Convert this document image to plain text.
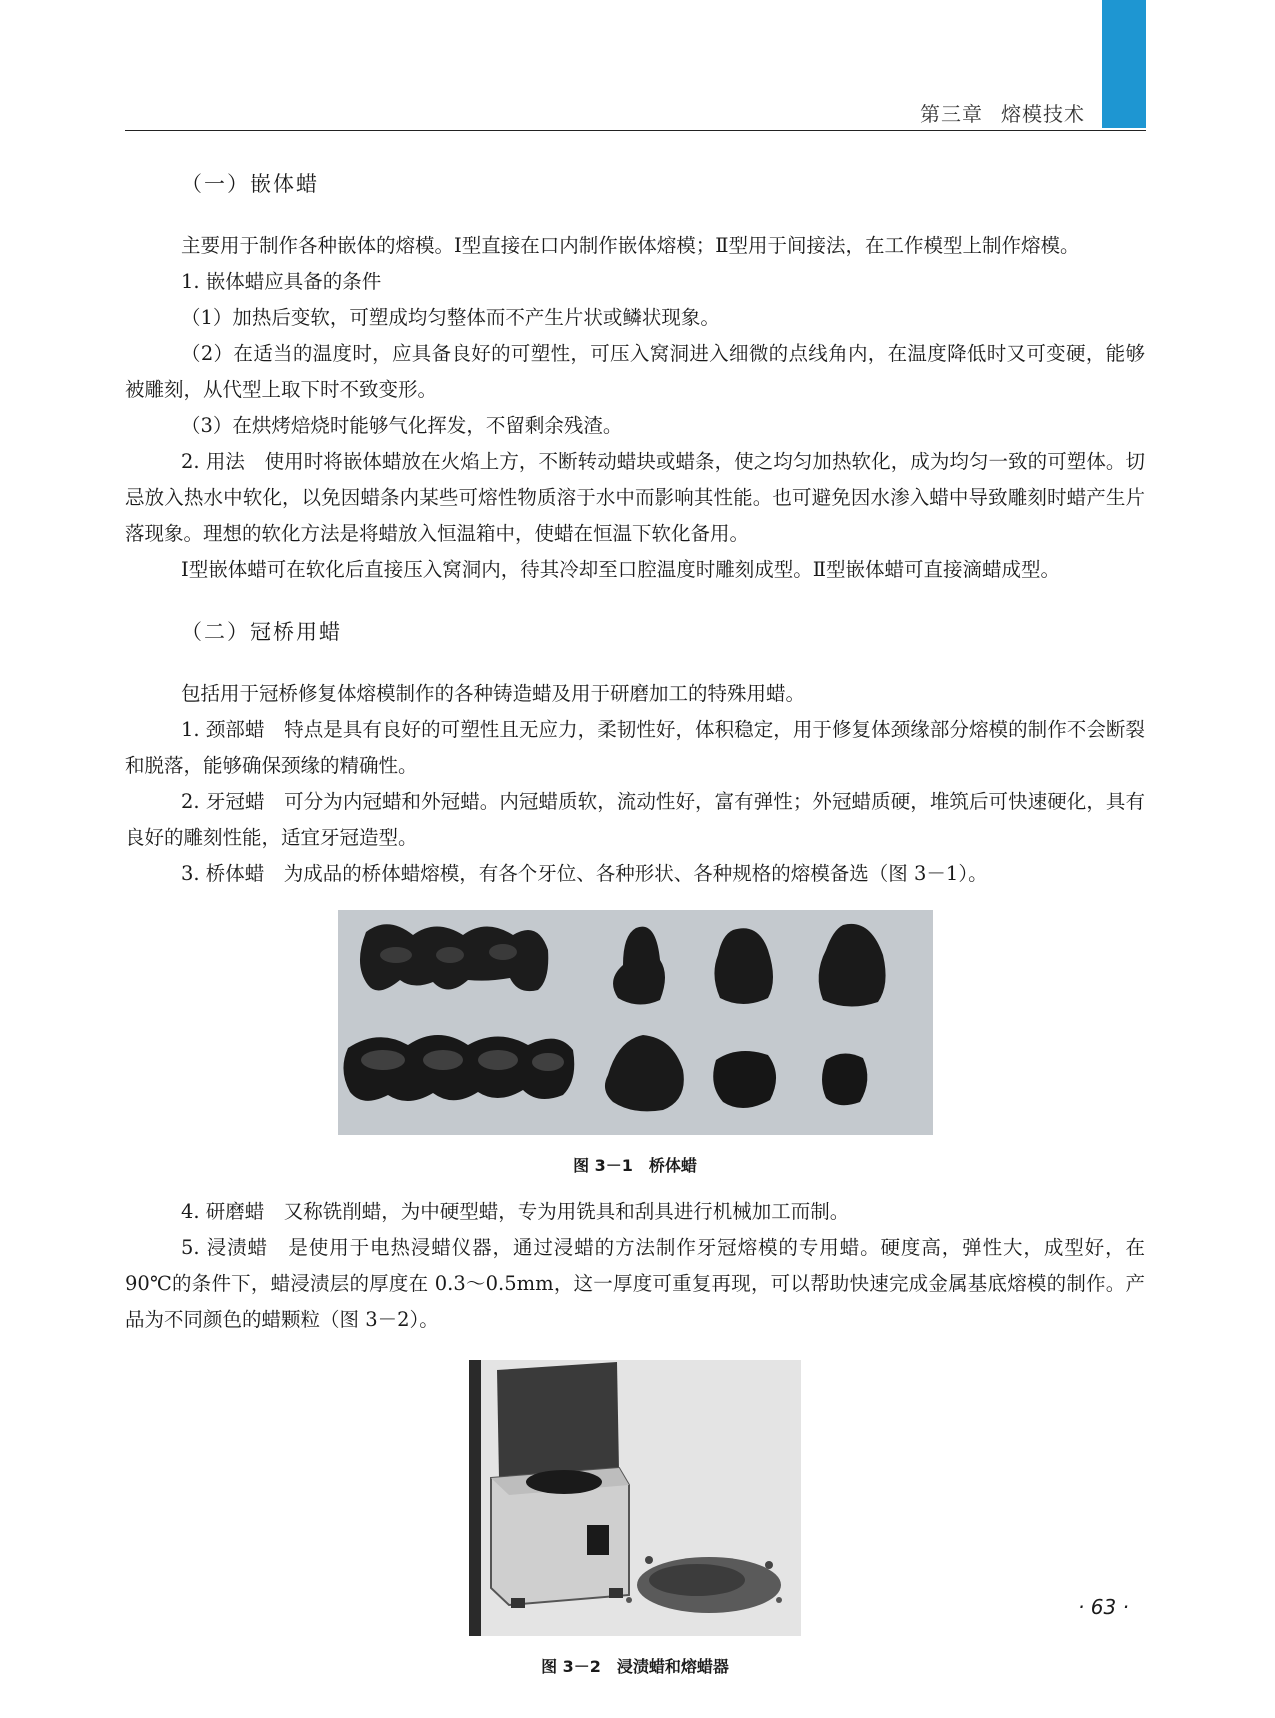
第三章 熔模技术
（一）嵌体蜡

主要用于制作各种嵌体的熔模。Ⅰ型直接在口内制作嵌体熔模；Ⅱ型用于间接法，在工作模型上制作熔模。

1. 嵌体蜡应具备的条件

（1）加热后变软，可塑成均匀整体而不产生片状或鳞状现象。

（2）在适当的温度时，应具备良好的可塑性，可压入窝洞进入细微的点线角内，在温度降低时又可变硬，能够被雕刻，从代型上取下时不致变形。

（3）在烘烤焙烧时能够气化挥发，不留剩余残渣。

2. 用法　使用时将嵌体蜡放在火焰上方，不断转动蜡块或蜡条，使之均匀加热软化，成为均匀一致的可塑体。切忌放入热水中软化，以免因蜡条内某些可熔性物质溶于水中而影响其性能。也可避免因水渗入蜡中导致雕刻时蜡产生片落现象。理想的软化方法是将蜡放入恒温箱中，使蜡在恒温下软化备用。

Ⅰ型嵌体蜡可在软化后直接压入窝洞内，待其冷却至口腔温度时雕刻成型。Ⅱ型嵌体蜡可直接滴蜡成型。

（二）冠桥用蜡

包括用于冠桥修复体熔模制作的各种铸造蜡及用于研磨加工的特殊用蜡。

1. 颈部蜡　特点是具有良好的可塑性且无应力，柔韧性好，体积稳定，用于修复体颈缘部分熔模的制作不会断裂和脱落，能够确保颈缘的精确性。

2. 牙冠蜡　可分为内冠蜡和外冠蜡。内冠蜡质软，流动性好，富有弹性；外冠蜡质硬，堆筑后可快速硬化，具有良好的雕刻性能，适宜牙冠造型。

3. 桥体蜡　为成品的桥体蜡熔模，有各个牙位、各种形状、各种规格的熔模备选（图 3－1）。

图 3－1 桥体蜡

4. 研磨蜡　又称铣削蜡，为中硬型蜡，专为用铣具和刮具进行机械加工而制。

5. 浸渍蜡　是使用于电热浸蜡仪器，通过浸蜡的方法制作牙冠熔模的专用蜡。硬度高，弹性大，成型好，在 90℃的条件下，蜡浸渍层的厚度在 0.3～0.5mm，这一厚度可重复再现，可以帮助快速完成金属基底熔模的制作。产品为不同颜色的蜡颗粒（图 3－2）。

图 3－2 浸渍蜡和熔蜡器
· 63 ·
